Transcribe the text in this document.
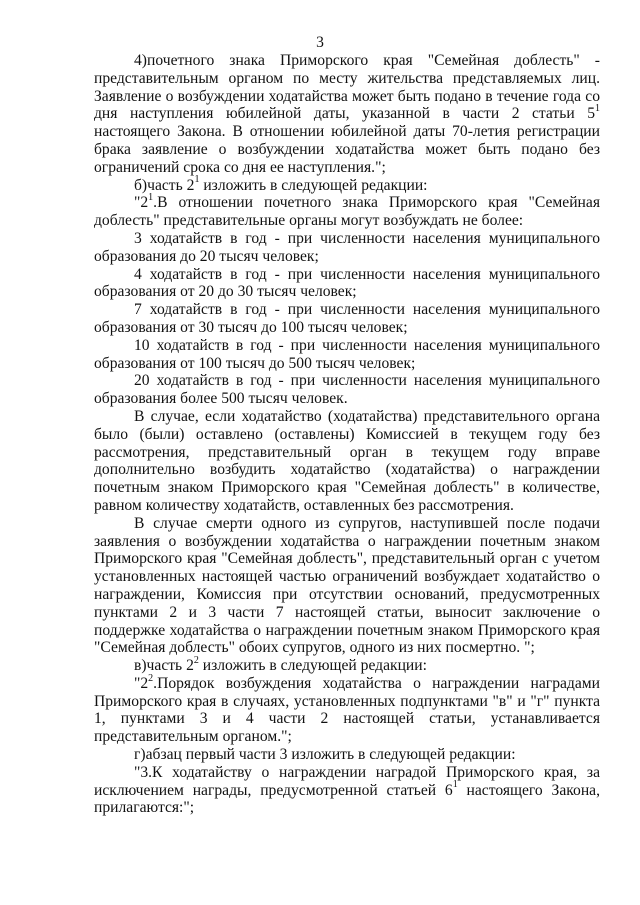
3

4)почетного знака Приморского края "Семейная доблесть" - представительным органом по месту жительства представляемых лиц. Заявление о возбуждении ходатайства может быть подано в течение года со дня наступления юбилейной даты, указанной в части 2 статьи $5^1$ настоящего Закона. В отношении юбилейной даты 70-летия регистрации брака заявление о возбуждении ходатайства может быть подано без ограничений срока со дня ее наступления.";

б)часть $2^1$ изложить в следующей редакции:

"$2^1.В$ отношении почетного знака Приморского края "Семейная доблесть" представительные органы могут возбуждать не более:

3 ходатайств в год - при численности населения муниципального образования до 20 тысяч человек;

4 ходатайств в год - при численности населения муниципального образования от 20 до 30 тысяч человек;

7 ходатайств в год - при численности населения муниципального образования от 30 тысяч до 100 тысяч человек;

10 ходатайств в год - при численности населения муниципального образования от 100 тысяч до 500 тысяч человек;

20 ходатайств в год - при численности населения муниципального образования более 500 тысяч человек.

В случае, если ходатайство (ходатайства) представительного органа было (были) оставлено (оставлены) Комиссией в текущем году без рассмотрения, представительный орган в текущем году вправе дополнительно возбудить ходатайство (ходатайства) о награждении почетным знаком Приморского края "Семейная доблесть" в количестве, равном количеству ходатайств, оставленных без рассмотрения.

В случае смерти одного из супругов, наступившей после подачи заявления о возбуждении ходатайства о награждении почетным знаком Приморского края "Семейная доблесть", представительный орган с учетом установленных настоящей частью ограничений возбуждает ходатайство о награждении, Комиссия при отсутствии оснований, предусмотренных пунктами 2 и 3 части 7 настоящей статьи, выносит заключение о поддержке ходатайства о награждении почетным знаком Приморского края "Семейная доблесть" обоих супругов, одного из них посмертно. ";

в)часть $2^2$ изложить в следующей редакции:

"$2^2.Порядок$ возбуждения ходатайства о награждении наградами Приморского края в случаях, установленных подпунктами "в" и "г" пункта 1, пунктами 3 и 4 части 2 настоящей статьи, устанавливается представительным органом.";

г)абзац первый части 3 изложить в следующей редакции:

"3.К ходатайству о награждении наградой Приморского края, за исключением награды, предусмотренной статьей $6^1$ настоящего Закона, прилагаются:";
